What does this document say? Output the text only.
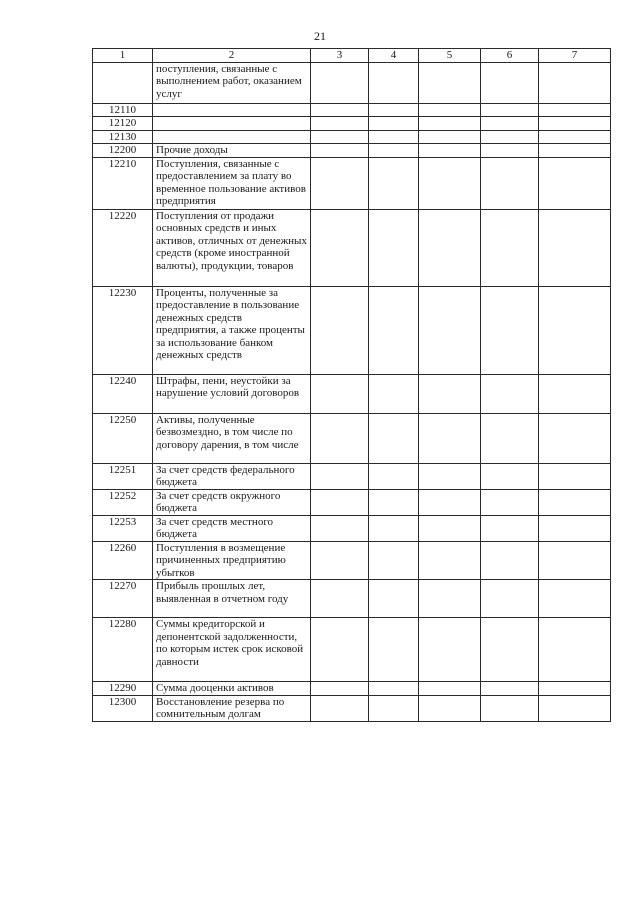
21
1	2	3	4	5	6	7
	поступления, связанные с выполнением работ, оказанием услуг					
12110						
12120						
12130						
12200	Прочие доходы					
12210	Поступления, связанные с предоставлением за плату во временное пользование активов предприятия					
12220	Поступления от продажи основных средств и иных активов, отличных от денежных средств (кроме иностранной валюты), продукции, товаров					
12230	Проценты, полученные за предоставление в пользование денежных средств предприятия, а также проценты за использование банком денежных средств					
12240	Штрафы, пени, неустойки за нарушение условий договоров					
12250	Активы, полученные безвозмездно, в том числе по договору дарения, в том числе					
12251	За счет средств федерального бюджета					
12252	За счет средств окружного бюджета					
12253	За счет средств местного бюджета					
12260	Поступления в возмещение причиненных предприятию убытков					
12270	Прибыль прошлых лет, выявленная в отчетном году					
12280	Суммы кредиторской и депонентской задолженности, по которым истек срок исковой давности					
12290	Сумма дооценки активов					
12300	Восстановление резерва по сомнительным долгам					
